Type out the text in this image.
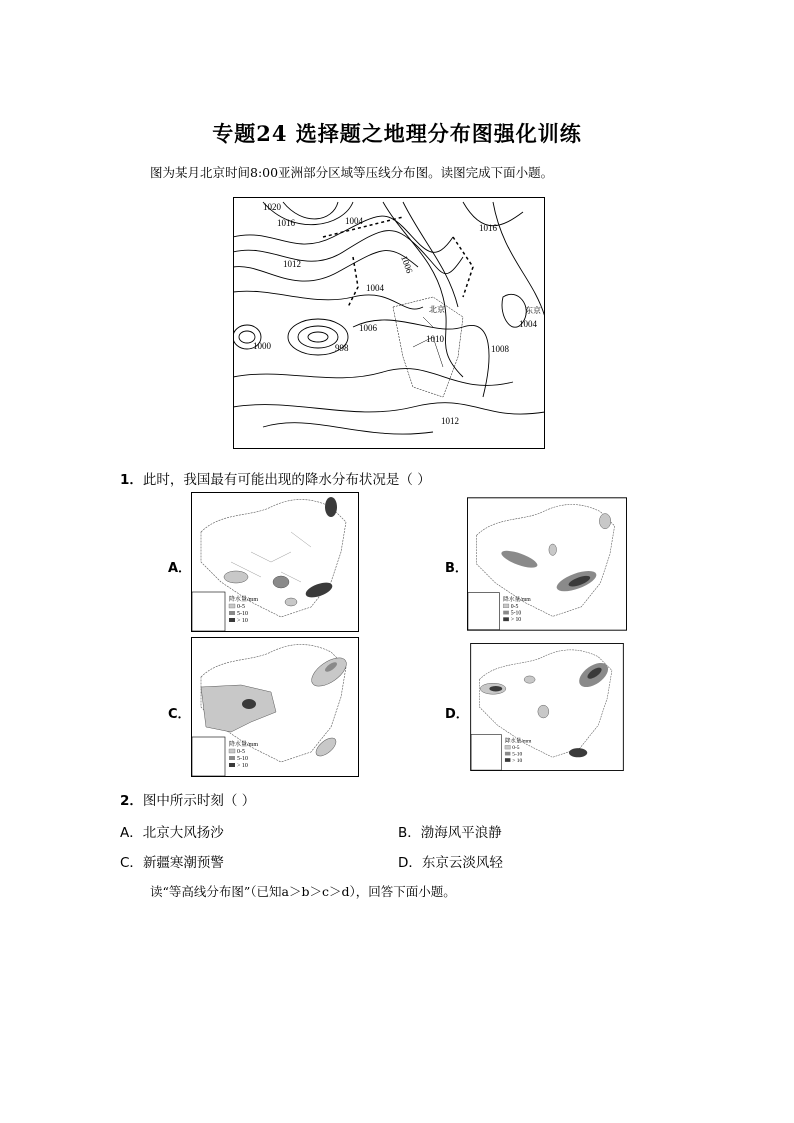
专题24 选择题之地理分布图强化训练
图为某月北京时间8:00亚洲部分区域等压线分布图。读图完成下面小题。
1020
1016	1004
1012	1006
1004
1000
1016
1006
1010
1008
1012
1004
998
北京	东京
1．此时，我国最有可能出现的降水分布状况是（ ）
A．	B．
C．	D．
降水量/mm
0-5
5-10
> 10
降水量/mm
0-5
5-10
> 10
降水量/mm
0-5
5-10
> 10
降水量/mm
0-5
5-10
> 10
2．图中所示时刻（ ）
A．北京大风扬沙	B．渤海风平浪静
C．新疆寒潮预警	D．东京云淡风轻
读“等高线分布图”（已知a＞b＞c＞d），回答下面小题。
